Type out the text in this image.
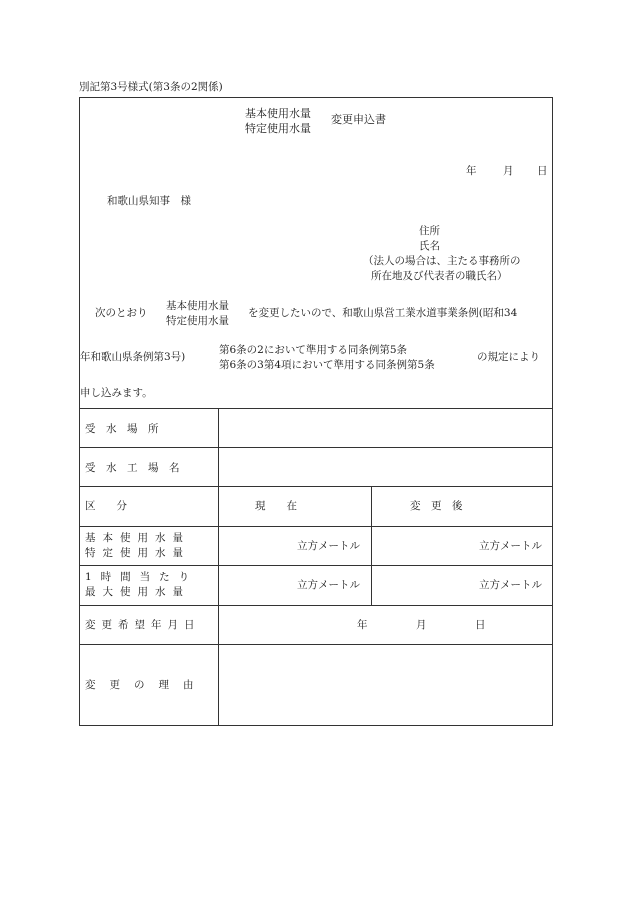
別記第3号様式(第3条の2関係)
基本使用水量
特定使用水量
変更申込書
年	月 日
和歌山県知事　様
住所
氏名
（法人の場合は、主たる事務所の
所在地及び代表者の職氏名）
次のとおり
基本使用水量
特定使用水量
を変更したいので、和歌山県営工業水道事業条例(昭和34
年和歌山県条例第3号)
第6条の2において準用する同条例第5条
第6条の3第4項において準用する同条例第5条
の規定により
申し込みます。
受　水　場　所
受　水　工　場　名
区　　分	現　　在	変　更　後
基本使用水量
特定使用水量
立方メートル	立方メートル
1時間当たり
最大使用水量
立方メートル	立方メートル
変更希望年月日	年	月	日
変更の理由
